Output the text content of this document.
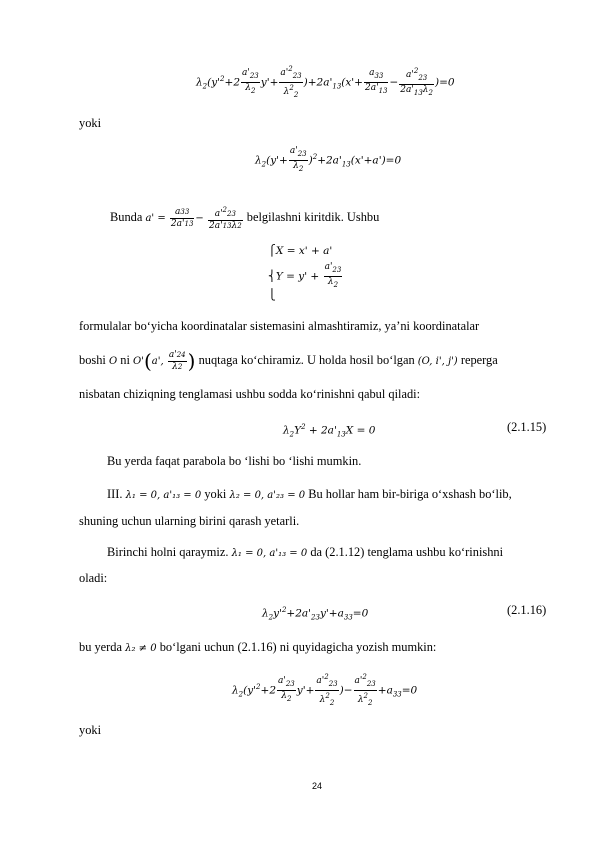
$\lambda_2(y'^2+2 \frac{a'_{23}}{\lambda_2} y'+ \frac{a'^2_{23}}{\lambda^2_2} )+2a'_{13}(x'+ \frac{a_{33}}{2a'_{13}} - \frac{a'^2_{23}}{2a'_{13}\lambda_2} )=0$
yoki
$\lambda_2(y'+ \frac{a'_{23}}{\lambda_2} )^2+2a'_{13}(x'+a')=0$
Bunda $a' = \frac{a33}{2a'13} - \frac{a'^223}{2a'13\lambda 2}$ belgilashni kiritdik. Ushbu
⎧X = x' + a'
⎨Y = $y' + \frac{a'_{23}}{\lambda_2}$
⎩
formulalar bo‘yicha koordinatalar sistemasini almashtiramiz, ya’ni koordinatalar
boshi O ni O'(a', $\frac{a'24}{\lambda 2}$ ) nuqtaga ko‘chiramiz. U holda hosil bo‘lgan (O, i', j') reperga
nisbatan chiziqning tenglamasi ushbu sodda ko‘rinishni qabul qiladi:
$\lambda_2Y^2 + 2a'_{13}X = 0$	(2.1.15)
Bu yerda faqat parabola bo ‘lishi bo ‘lishi mumkin.
III. λ₁ = 0, a'₁₃ = 0 yoki λ₂ = 0, a'₂₃ = 0 Bu hollar ham bir-biriga o‘xshash bo‘lib,
shuning uchun ularning birini qarash yetarli.
Birinchi holni qaraymiz. λ₁ = 0, a'₁₃ = 0 da (2.1.12) tenglama ushbu ko‘rinishni
oladi:
$\lambda_2y'^2+2a'_{23}y'+a_{33}=0$	(2.1.16)
bu yerda λ₂ ≠ 0 bo‘lgani uchun (2.1.16) ni quyidagicha yozish mumkin:
$\lambda_2(y'^2+2 \frac{a'_{23}}{\lambda_2} y'+ \frac{a'^2_{23}}{\lambda^2_2}$ )− $\frac{a'^2_{23}}{\lambda^2_2} +a_{33}=0$
yoki
24
